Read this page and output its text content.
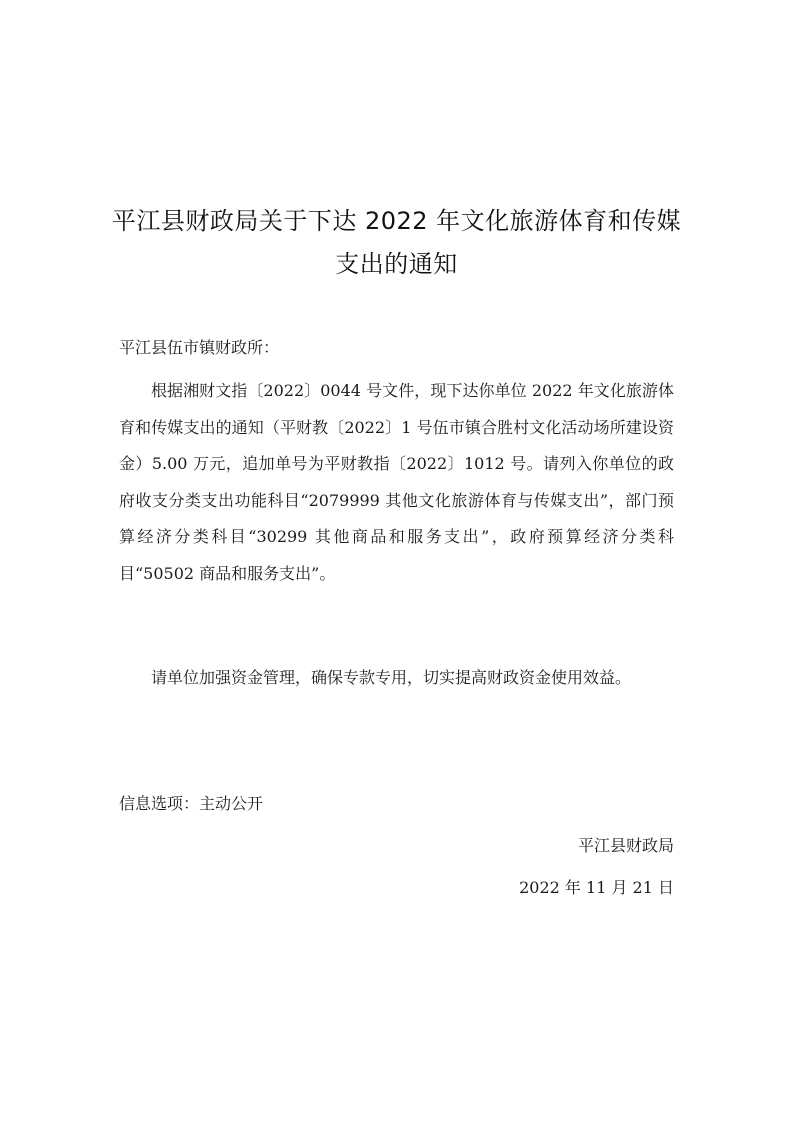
平江县财政局关于下达 2022 年文化旅游体育和传媒
支出的通知
平江县伍市镇财政所：

根据湘财文指〔2022〕0044 号文件，现下达你单位 2022 年文化旅游体育和传媒支出的通知（平财教〔2022〕1 号伍市镇合胜村文化活动场所建设资金）5.00 万元，追加单号为平财教指〔2022〕1012 号。请列入你单位的政府收支分类支出功能科目“2079999 其他文化旅游体育与传媒支出”，部门预算经济分类科目“30299 其他商品和服务支出”，政府预算经济分类科目“50502 商品和服务支出”。

请单位加强资金管理，确保专款专用，切实提高财政资金使用效益。

信息选项：主动公开
平江县财政局
2022 年 11 月 21 日
